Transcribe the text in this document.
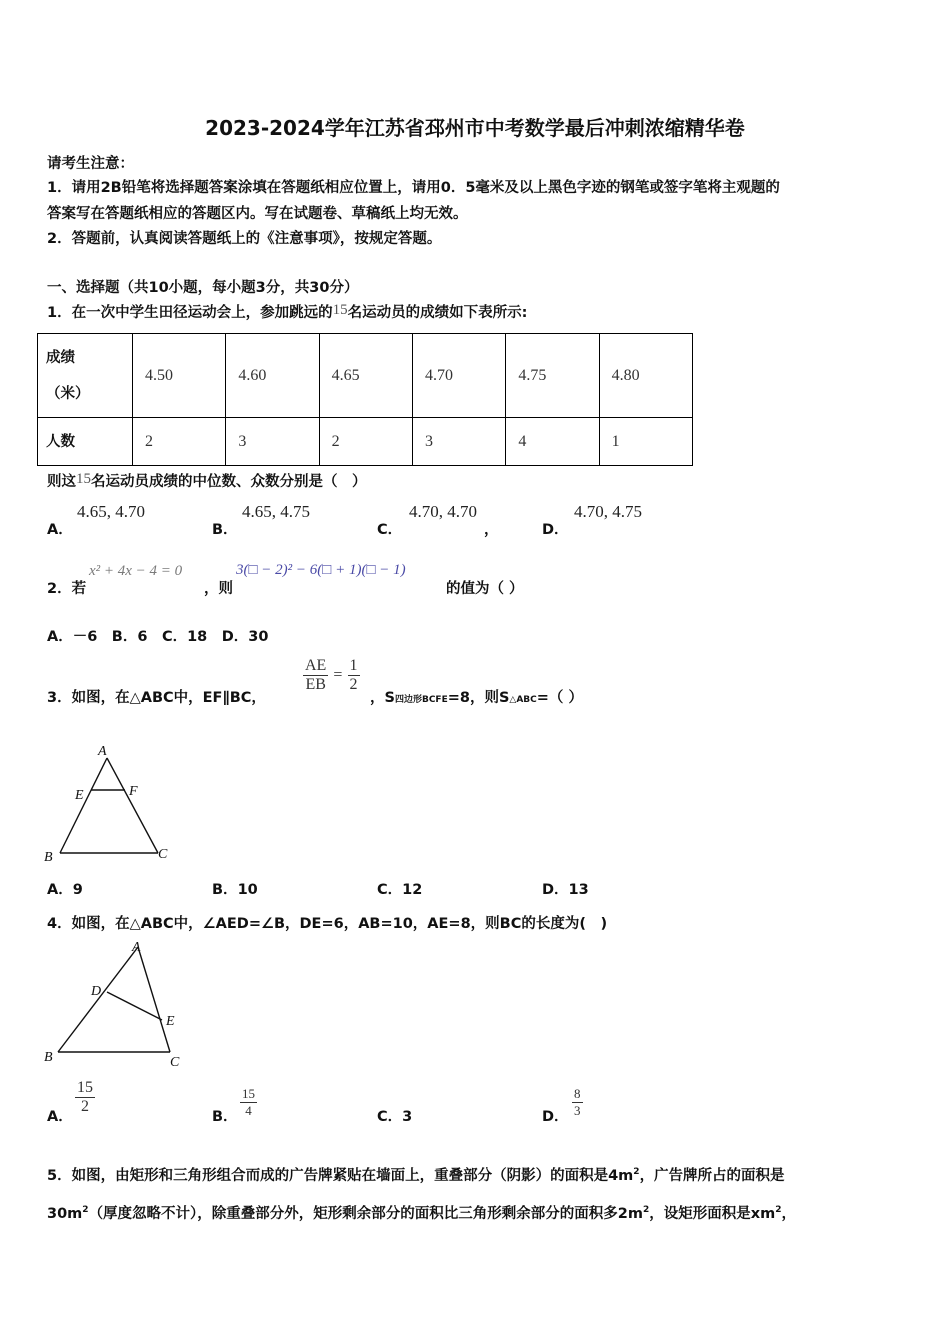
2023-2024学年江苏省邳州市中考数学最后冲刺浓缩精华卷
请考生注意：
1．请用2B铅笔将选择题答案涂填在答题纸相应位置上，请用0．5毫米及以上黑色字迹的钢笔或签字笔将主观题的
答案写在答题纸相应的答题区内。写在试题卷、草稿纸上均无效。
2．答题前，认真阅读答题纸上的《注意事项》，按规定答题。
一、选择题（共10小题，每小题3分，共30分）
1．在一次中学生田径运动会上，参加跳远的15名运动员的成绩如下表所示:
成绩
（米）	4.50	4.60	4.65	4.70	4.75	4.80
人数	2	3	2	3	4	1
则这15名运动员成绩的中位数、众数分别是（　）
A．
4.65, 4.70
B．
4.65, 4.75
C．
4.70, 4.70
，	D．
4.70, 4.75
2．若
x² + 4x − 4 = 0
，则
3(□ − 2)² − 6(□ + 1)(□ − 1)
的值为（ ）
A．－6　B．6　C．18　D．30
3．如图，在△ABC中，EF∥BC，
$\frac{AE}{EB} = \frac{1}{2}$
，S四边形BCFE=8，则S△ABC=（ ）
A
E	F
B	C
A．9	B．10	C．12	D．13
4．如图，在△ABC中，∠AED=∠B，DE=6，AB=10，AE=8，则BC的长度为(　)
A
D
E
B	C
A．
$\frac{15}{2}$
B． $\frac{15}{4}$	C．3	D． $\frac{8}{3}$
5．如图，由矩形和三角形组合而成的广告牌紧贴在墙面上，重叠部分（阴影）的面积是$4m^2$，广告牌所占的面积是
$30m^2$（厚度忽略不计），除重叠部分外，矩形剩余部分的面积比三角形剩余部分的面积多$2m^2$，设矩形面积是$xm^2$，
